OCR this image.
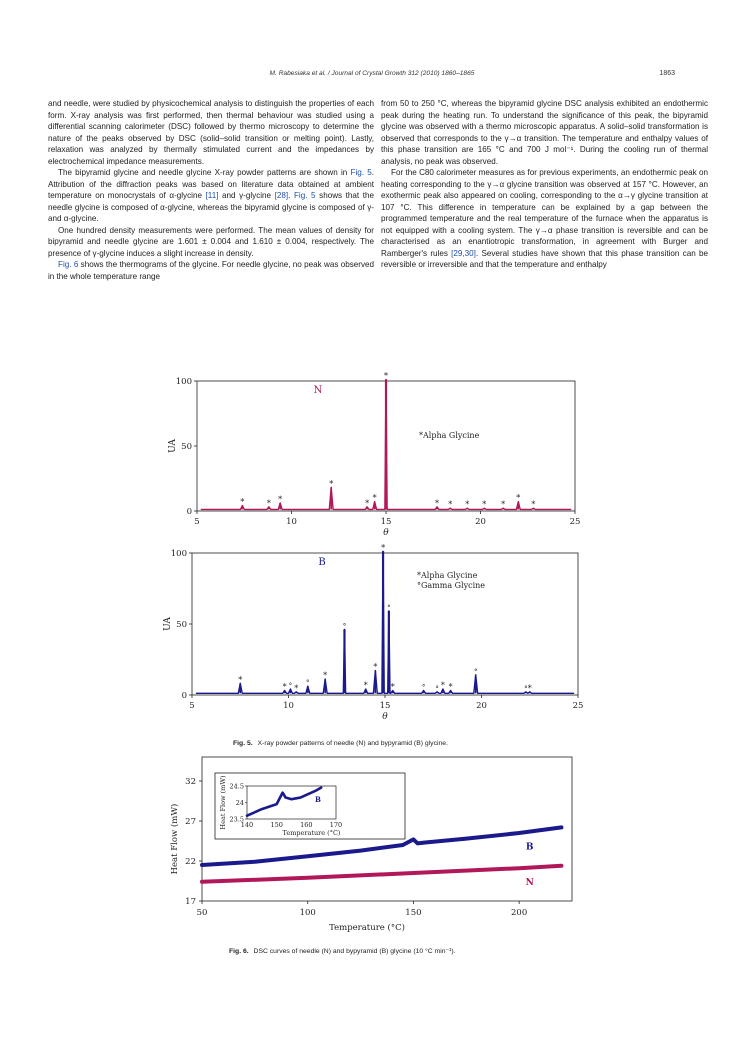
M. Rabesiaka et al. / Journal of Crystal Growth 312 (2010) 1860–1865	1863

and needle, were studied by physicochemical analysis to distinguish the properties of each form. X-ray analysis was first performed, then thermal behaviour was studied using a differential scanning calorimeter (DSC) followed by thermo microscopy to determine the nature of the peaks observed by DSC (solid–solid transition or melting point). Lastly, relaxation was analyzed by thermally stimulated current and the impedances by electrochemical impedance measurements.

The bipyramid glycine and needle glycine X-ray powder patterns are shown in Fig. 5. Attribution of the diffraction peaks was based on literature data obtained at ambient temperature on monocrystals of α-glycine [11] and γ-glycine [28]. Fig. 5 shows that the needle glycine is composed of α-glycine, whereas the bipyramid glycine is composed of γ- and α-glycine.

One hundred density measurements were performed. The mean values of density for bipyramid and needle glycine are 1.601 ± 0.004 and 1.610 ± 0.004, respectively. The presence of γ-glycine induces a slight increase in density.

Fig. 6 shows the thermograms of the glycine. For needle glycine, no peak was observed in the whole temperature range

from 50 to 250 °C, whereas the bipyramid glycine DSC analysis exhibited an endothermic peak during the heating run. To understand the significance of this peak, the bipyramid glycine was observed with a thermo microscopic apparatus. A solid–solid transformation is observed that corresponds to the γ→α transition. The temperature and enthalpy values of this phase transition are 165 °C and 700 J mol⁻¹. During the cooling run of thermal analysis, no peak was observed.

For the C80 calorimeter measures as for previous experiments, an endothermic peak on heating corresponding to the γ→α glycine transition was observed at 157 °C. However, an exothermic peak also appeared on cooling, corresponding to the α→γ glycine transition at 107 °C. This difference in temperature can be explained by a gap between the programmed temperature and the real temperature of the furnace when the apparatus is not equipped with a cooling system. The γ→α phase transition is reversible and can be characterised as an enantiotropic transformation, in agreement with Burger and Ramberger's rules [29,30]. Several studies have shown that this phase transition can be reversible or irreversible and that the temperature and enthalpy

0
50
100
5	10	15	20	25
θ
UA
*	* *
*
*
*
*
* * * * *
*
*
N
*Alpha Glycine
0
50
100
5	10	15	20	25
θ
UA
*
* ° *
°
*
°
*
*
*
°
*	° ° * *
°
° *
B
*Alpha Glycine
°Gamma Glycine
Fig. 5. X-ray powder patterns of needle (N) and bypyramid (B) glycine.
17
22
27
32
50	100	150	200
Temperature (°C)
Heat Flow (mW)	B
N
23.5
24
24.5
140	150	160	170
Temperature (°C)
Heat Flow (mW)	B
Fig. 6. DSC curves of needle (N) and bypyramid (B) glycine (10 °C min⁻¹).
